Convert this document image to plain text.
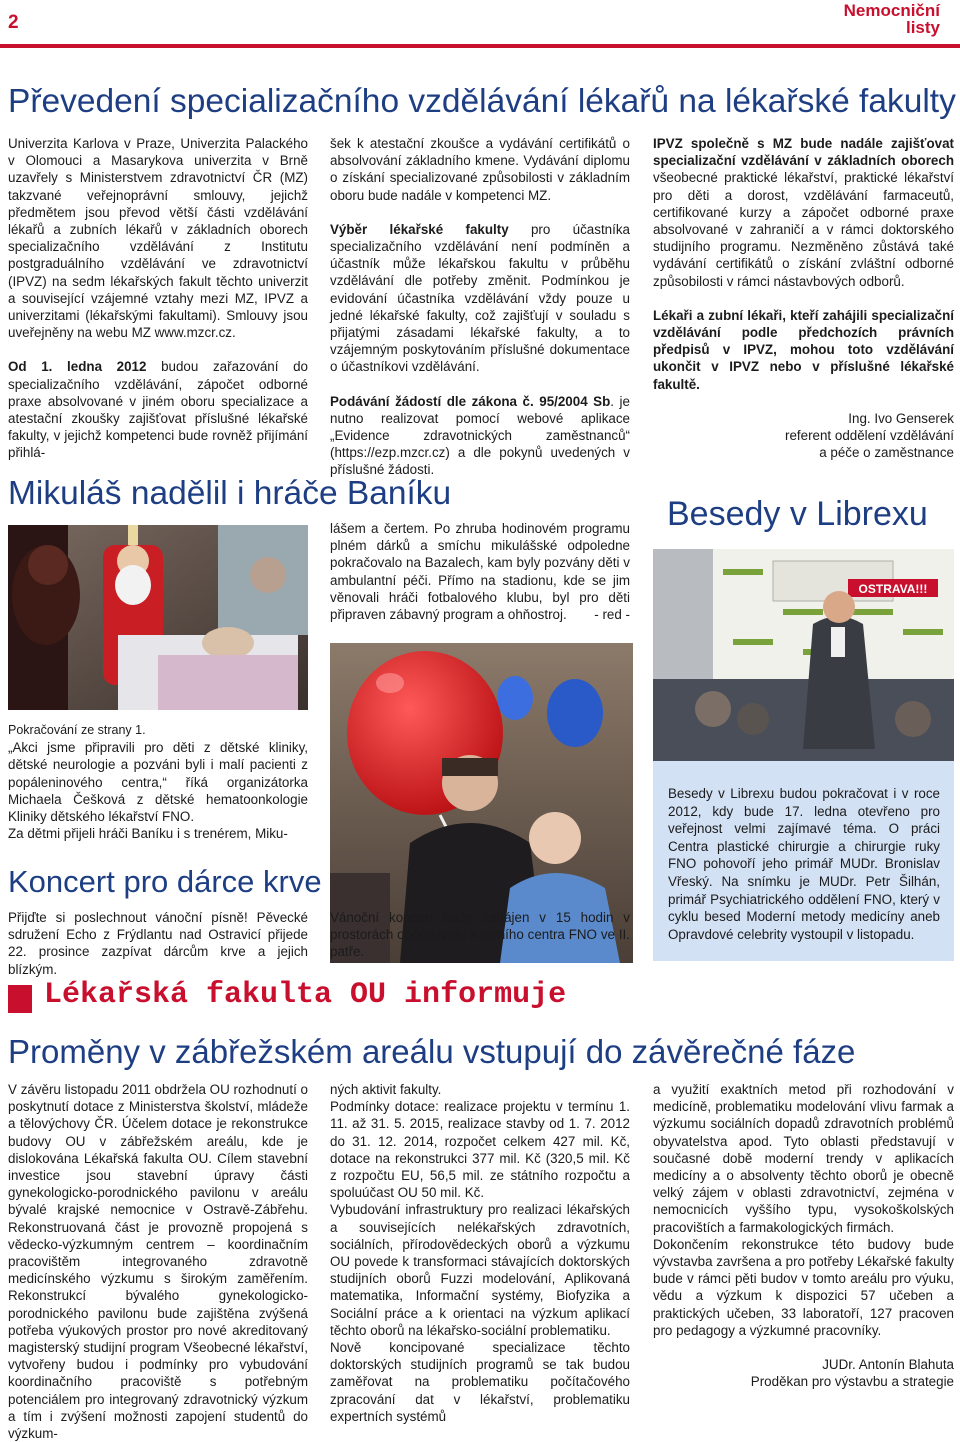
2
Nemocniční
listy
Převedení specializačního vzdělávání lékařů na lékařské fakulty

Univerzita Karlova v Praze, Univerzita Palackého v Olomouci a Masarykova univerzita v Brně uzavřely s Ministerstvem zdravotnictví ČR (MZ) takzvané veřejnoprávní smlouvy, jejichž předmětem jsou převod větší části vzdělávání lékařů a zubních lékařů v základních oborech specializačního vzdělávání z Institutu postgraduálního vzdělávání ve zdravotnictví (IPVZ) na sedm lékařských fakult těchto univerzit a související vzájemné vztahy mezi MZ, IPVZ a univerzitami (lékařskými fakultami). Smlouvy jsou uveřejněny na webu MZ www.mzcr.cz.

Od 1. ledna 2012 budou zařazování do specializačního vzdělávání, zápočet odborné praxe absolvované v jiném oboru specializace a atestační zkoušky zajišťovat příslušné lékařské fakulty, v jejichž kompetenci bude rovněž přijímání přihlá-

šek k atestační zkoušce a vydávání certifikátů o absolvování základního kmene. Vydávání diplomu o získání specializované způsobilosti v základním oboru bude nadále v kompetenci MZ.

Výběr lékařské fakulty pro účastníka specializačního vzdělávání není podmíněn a účastník může lékařskou fakultu v průběhu vzdělávání dle potřeby změnit. Podmínkou je evidování účastníka vzdělávání vždy pouze u jedné lékařské fakulty, což zajišťují v souladu s přijatými zásadami lékařské fakulty, a to vzájemným poskytováním příslušné dokumentace o účastníkovi vzdělávání.

Podávání žádostí dle zákona č. 95/2004 Sb. je nutno realizovat pomocí webové aplikace „Evidence zdravotnických zaměstnanců“ (https://ezp.mzcr.cz) a dle pokynů uvedených v příslušné žádosti.

IPVZ společně s MZ bude nadále zajišťovat specializační vzdělávání v základních oborech všeobecné praktické lékařství, praktické lékařství pro děti a dorost, vzdělávání farmaceutů, certifikované kurzy a zápočet odborné praxe absolvované v zahraničí a v rámci doktorského studijního programu. Nezměněno zůstává také vydávání certifikátů o získání zvláštní odborné způsobilosti v rámci nástavbových odborů.

Lékaři a zubní lékaři, kteří zahájili specializační vzdělávání podle předchozích právních předpisů v IPVZ, mohou toto vzdělávání ukončit v IPVZ nebo v příslušné lékařské fakultě.

Ing. Ivo Genserek

referent oddělení vzdělávání

a péče o zaměstnance

Mikuláš nadělil i hráče Baníku

lášem a čertem. Po zhruba hodinovém programu plném dárků a smíchu mikulášské odpoledne pokračovalo na Bazalech, kam byly pozvány děti v ambulantní péči. Přímo na stadionu, kde se jim věnovali hráči fotbalového klubu, byl pro děti připraven zábavný program a ohňostroj. - red -

Pokračování ze strany 1.

„Akci jsme připravili pro děti z dětské kliniky, dětské neurologie a pozváni byli i malí pacienti z popáleninového centra,“ říká organizátorka Michaela Češková z dětské hematoonkologie Kliniky dětského lékařství FNO.

Za dětmi přijeli hráči Baníku i s trenérem, Miku-

Koncert pro dárce krve

Přijďte si poslechnout vánoční písně! Pěvecké sdružení Echo z Frýdlantu nad Ostravicí přijede 22. prosince zazpívat dárcům krve a jejich blízkým.

Vánoční koncert bude zahájen v 15 hodin v prostorách občerstvení Krevního centra FNO ve II. patře.

Besedy v Librexu
OSTRAVA!!!

Besedy v Librexu budou pokračovat i v roce 2012, kdy bude 17. ledna otevřeno pro veřejnost velmi zajímavé téma. O práci Centra plastické chirurgie a chirurgie ruky FNO pohovoří jeho primář MUDr. Bronislav Vřeský. Na snímku je MUDr. Petr Šilhán, primář Psychiatrického oddělení FNO, který v cyklu besed Moderní metody medicíny aneb Opravdové celebrity vystoupil v listopadu.

Lékařská fakulta OU informuje
Proměny v zábřežském areálu vstupují do závěrečné fáze

V závěru listopadu 2011 obdržela OU rozhodnutí o poskytnutí dotace z Ministerstva školství, mládeže a tělovýchovy ČR. Účelem dotace je rekonstrukce budovy OU v zábřežském areálu, kde je dislokována Lékařská fakulta OU. Cílem stavební investice jsou stavební úpravy části gynekologicko-porodnického pavilonu v areálu bývalé krajské nemocnice v Ostravě-Zábřehu. Rekonstruovaná část je provozně propojená s vědecko-výzkumným centrem – koordinačním pracovištěm integrovaného zdravotně medicínského výzkumu s širokým zaměřením. Rekonstrukcí bývalého gynekologicko-porodnického pavilonu bude zajištěna zvýšená potřeba výukových prostor pro nové akreditovaný magisterský studijní program Všeobecné lékařství, vytvořeny budou i podmínky pro vybudování koordinačního pracoviště s potřebným potenciálem pro integrovaný zdravotnický výzkum a tím i zvýšení možnosti zapojení studentů do výzkum-

ných aktivit fakulty.

Podmínky dotace: realizace projektu v termínu 1. 11. až 31. 5. 2015, realizace stavby od 1. 7. 2012 do 31. 12. 2014, rozpočet celkem 427 mil. Kč, dotace na rekonstrukci 377 mil. Kč (320,5 mil. Kč z rozpočtu EU, 56,5 mil. ze státního rozpočtu a spoluúčast OU 50 mil. Kč.

Vybudování infrastruktury pro realizaci lékařských a souvisejících nelékařských zdravotních, sociálních, přírodovědeckých oborů a výzkumu OU povede k transformaci stávajících doktorských studijních oborů Fuzzi modelování, Aplikovaná matematika, Informační systémy, Biofyzika a Sociální práce a k orientaci na výzkum aplikací těchto oborů na lékařsko-sociální problematiku.

Nově koncipované specializace těchto doktorských studijních programů se tak budou zaměřovat na problematiku počítačového zpracování dat v lékařství, problematiku expertních systémů

a využití exaktních metod při rozhodování v medicíně, problematiku modelování vlivu farmak a výzkumu sociálních dopadů zdravotních problémů obyvatelstva apod. Tyto oblasti představují v současné době moderní trendy v aplikacích medicíny a o absolventy těchto oborů je obecně velký zájem v oblasti zdravotnictví, zejména v nemocnicích vyššího typu, vysokoškolských pracovištích a farmakologických firmách.

Dokončením rekonstrukce této budovy bude vývstavba završena a pro potřeby Lékařské fakulty bude v rámci pěti budov v tomto areálu pro výuku, vědu a výzkum k dispozici 57 učeben a praktických učeben, 33 laboratoří, 127 pracoven pro pedagogy a výzkumné pracovníky.

JUDr. Antonín Blahuta

Proděkan pro výstavbu a strategie
